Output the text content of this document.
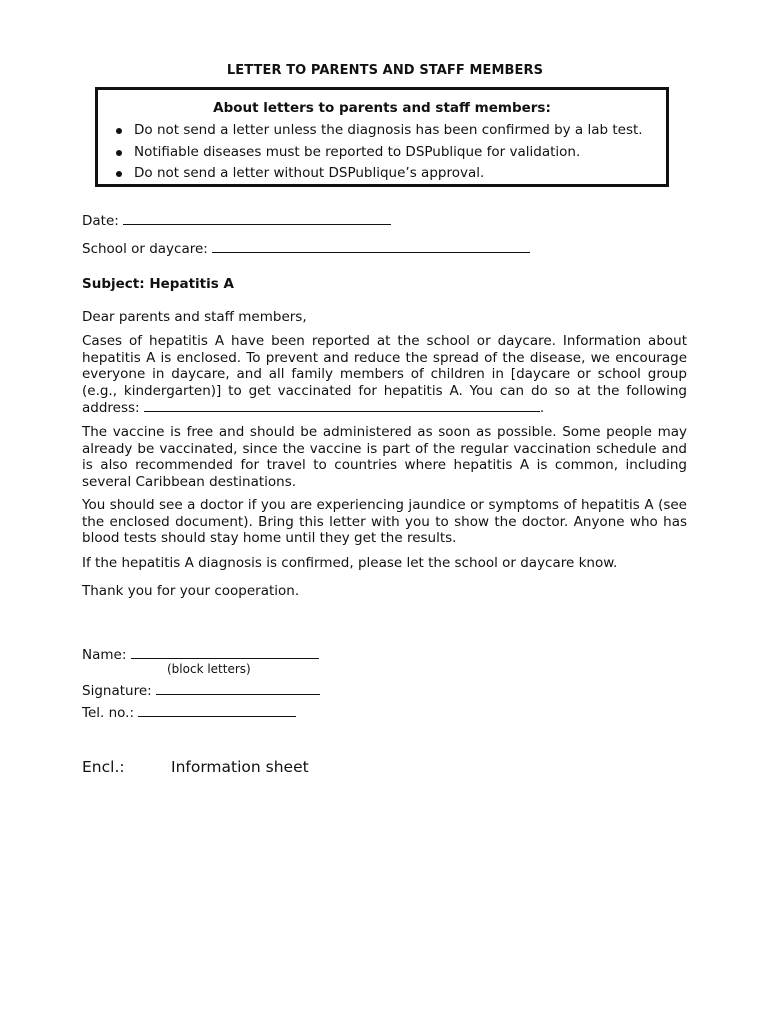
LETTER TO PARENTS AND STAFF MEMBERS
About letters to parents and staff members:
Do not send a letter unless the diagnosis has been confirmed by a lab test.
Notifiable diseases must be reported to DSPublique for validation.
Do not send a letter without DSPublique’s approval.
Date:
School or daycare:
Subject: Hepatitis A
Dear parents and staff members,
Cases of hepatitis A have been reported at the school or daycare. Information about hepatitis A is enclosed. To prevent and reduce the spread of the disease, we encourage everyone in daycare, and all family members of children in [daycare or school group (e.g., kindergarten)] to get vaccinated for hepatitis A. You can do so at the following address:	.
The vaccine is free and should be administered as soon as possible. Some people may already be vaccinated, since the vaccine is part of the regular vaccination schedule and is also recommended for travel to countries where hepatitis A is common, including several Caribbean destinations.
You should see a doctor if you are experiencing jaundice or symptoms of hepatitis A (see the enclosed document). Bring this letter with you to show the doctor. Anyone who has blood tests should stay home until they get the results.
If the hepatitis A diagnosis is confirmed, please let the school or daycare know.
Thank you for your cooperation.
Name:
(block letters)
Signature:
Tel. no.:
Encl.:	Information sheet
